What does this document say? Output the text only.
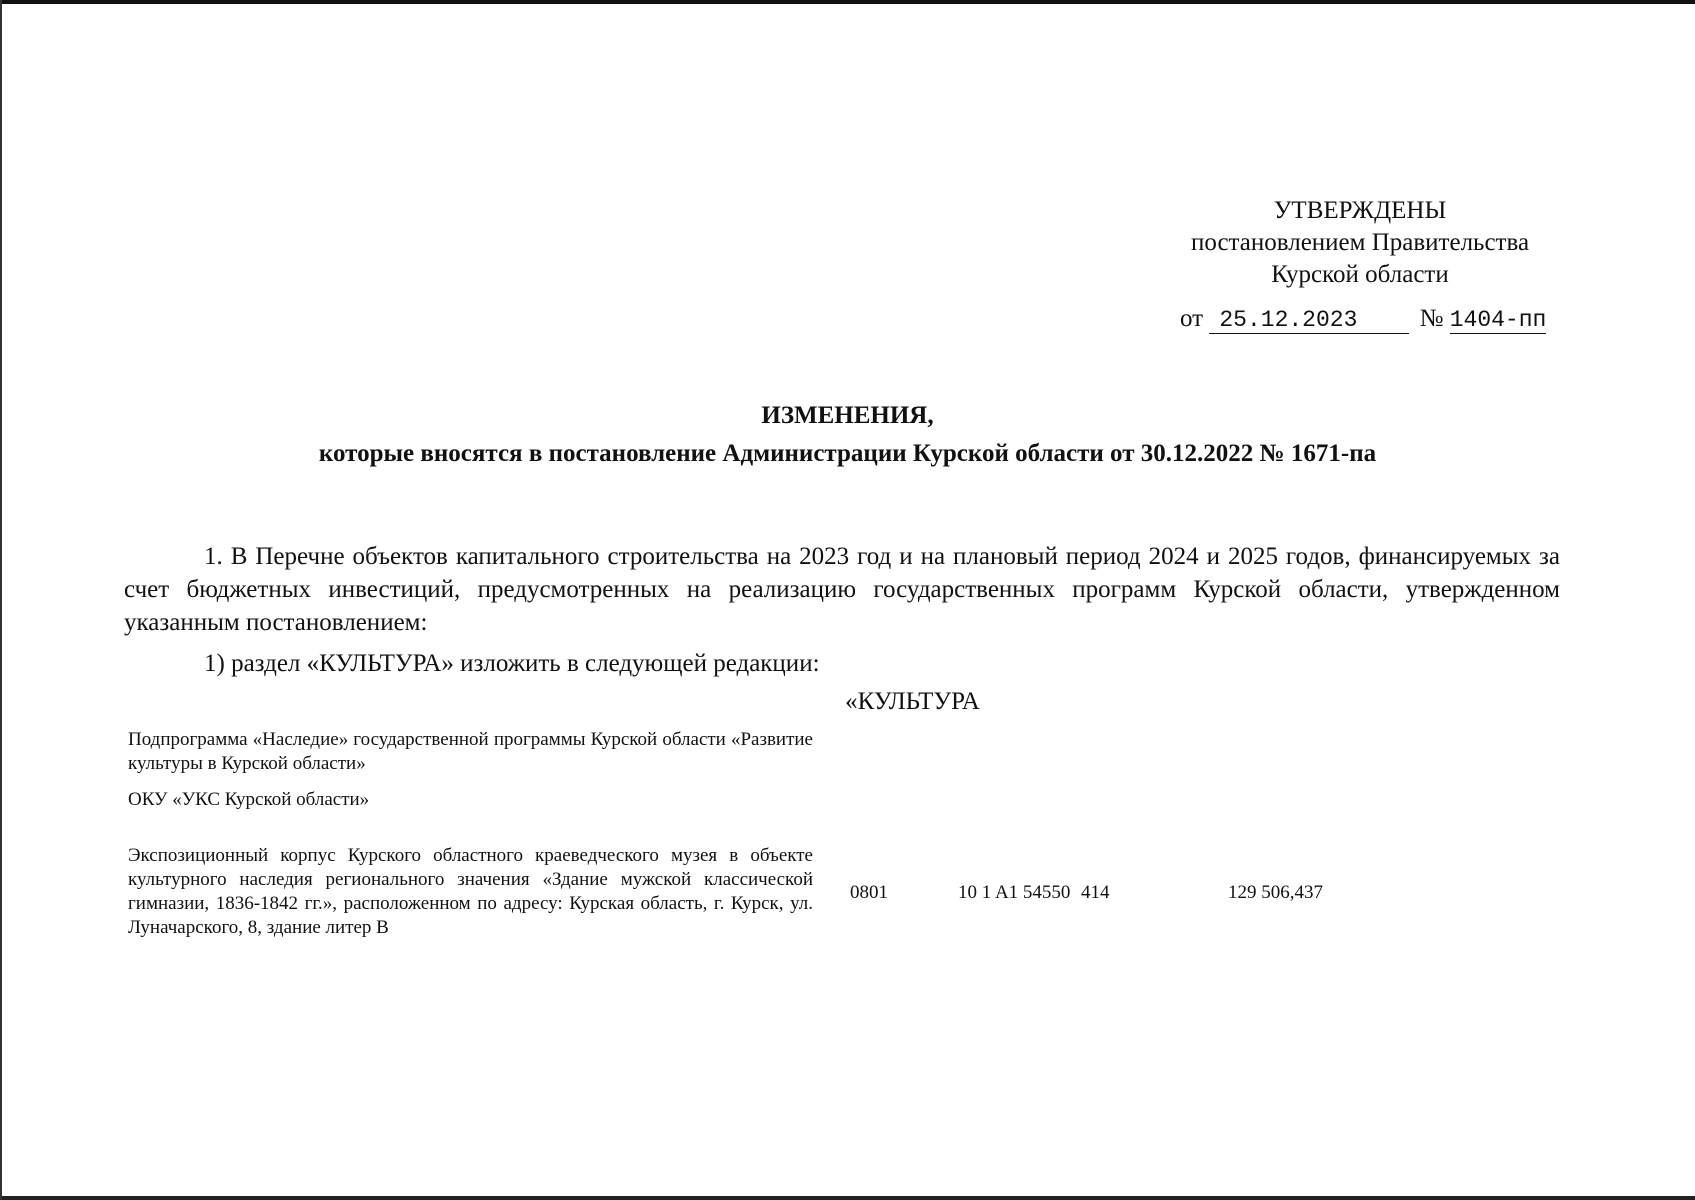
УТВЕРЖДЕНЫ
постановлением Правительства
Курской области
от 25.12.2023 № 1404-пп
ИЗМЕНЕНИЯ,
которые вносятся в постановление Администрации Курской области от 30.12.2022 № 1671-па
1. В Перечне объектов капитального строительства на 2023 год и на плановый период 2024 и 2025 годов, финансируемых за счет бюджетных инвестиций, предусмотренных на реализацию государственных программ Курской области, утвержденном указанным постановлением:
1) раздел «КУЛЬТУРА» изложить в следующей редакции:
«КУЛЬТУРА
Подпрограмма «Наследие» государственной программы Курской области «Развитие культуры в Курской области»
ОКУ «УКС Курской области»
Экспозиционный корпус Курского областного краеведческого музея в объекте культурного наследия регионального значения «Здание мужской классической гимназии, 1836-1842 гг.», расположенном по адресу: Курская область, г. Курск, ул. Луначарского, 8, здание литер В
0801	10 1 A1 54550 414	129 506,437
